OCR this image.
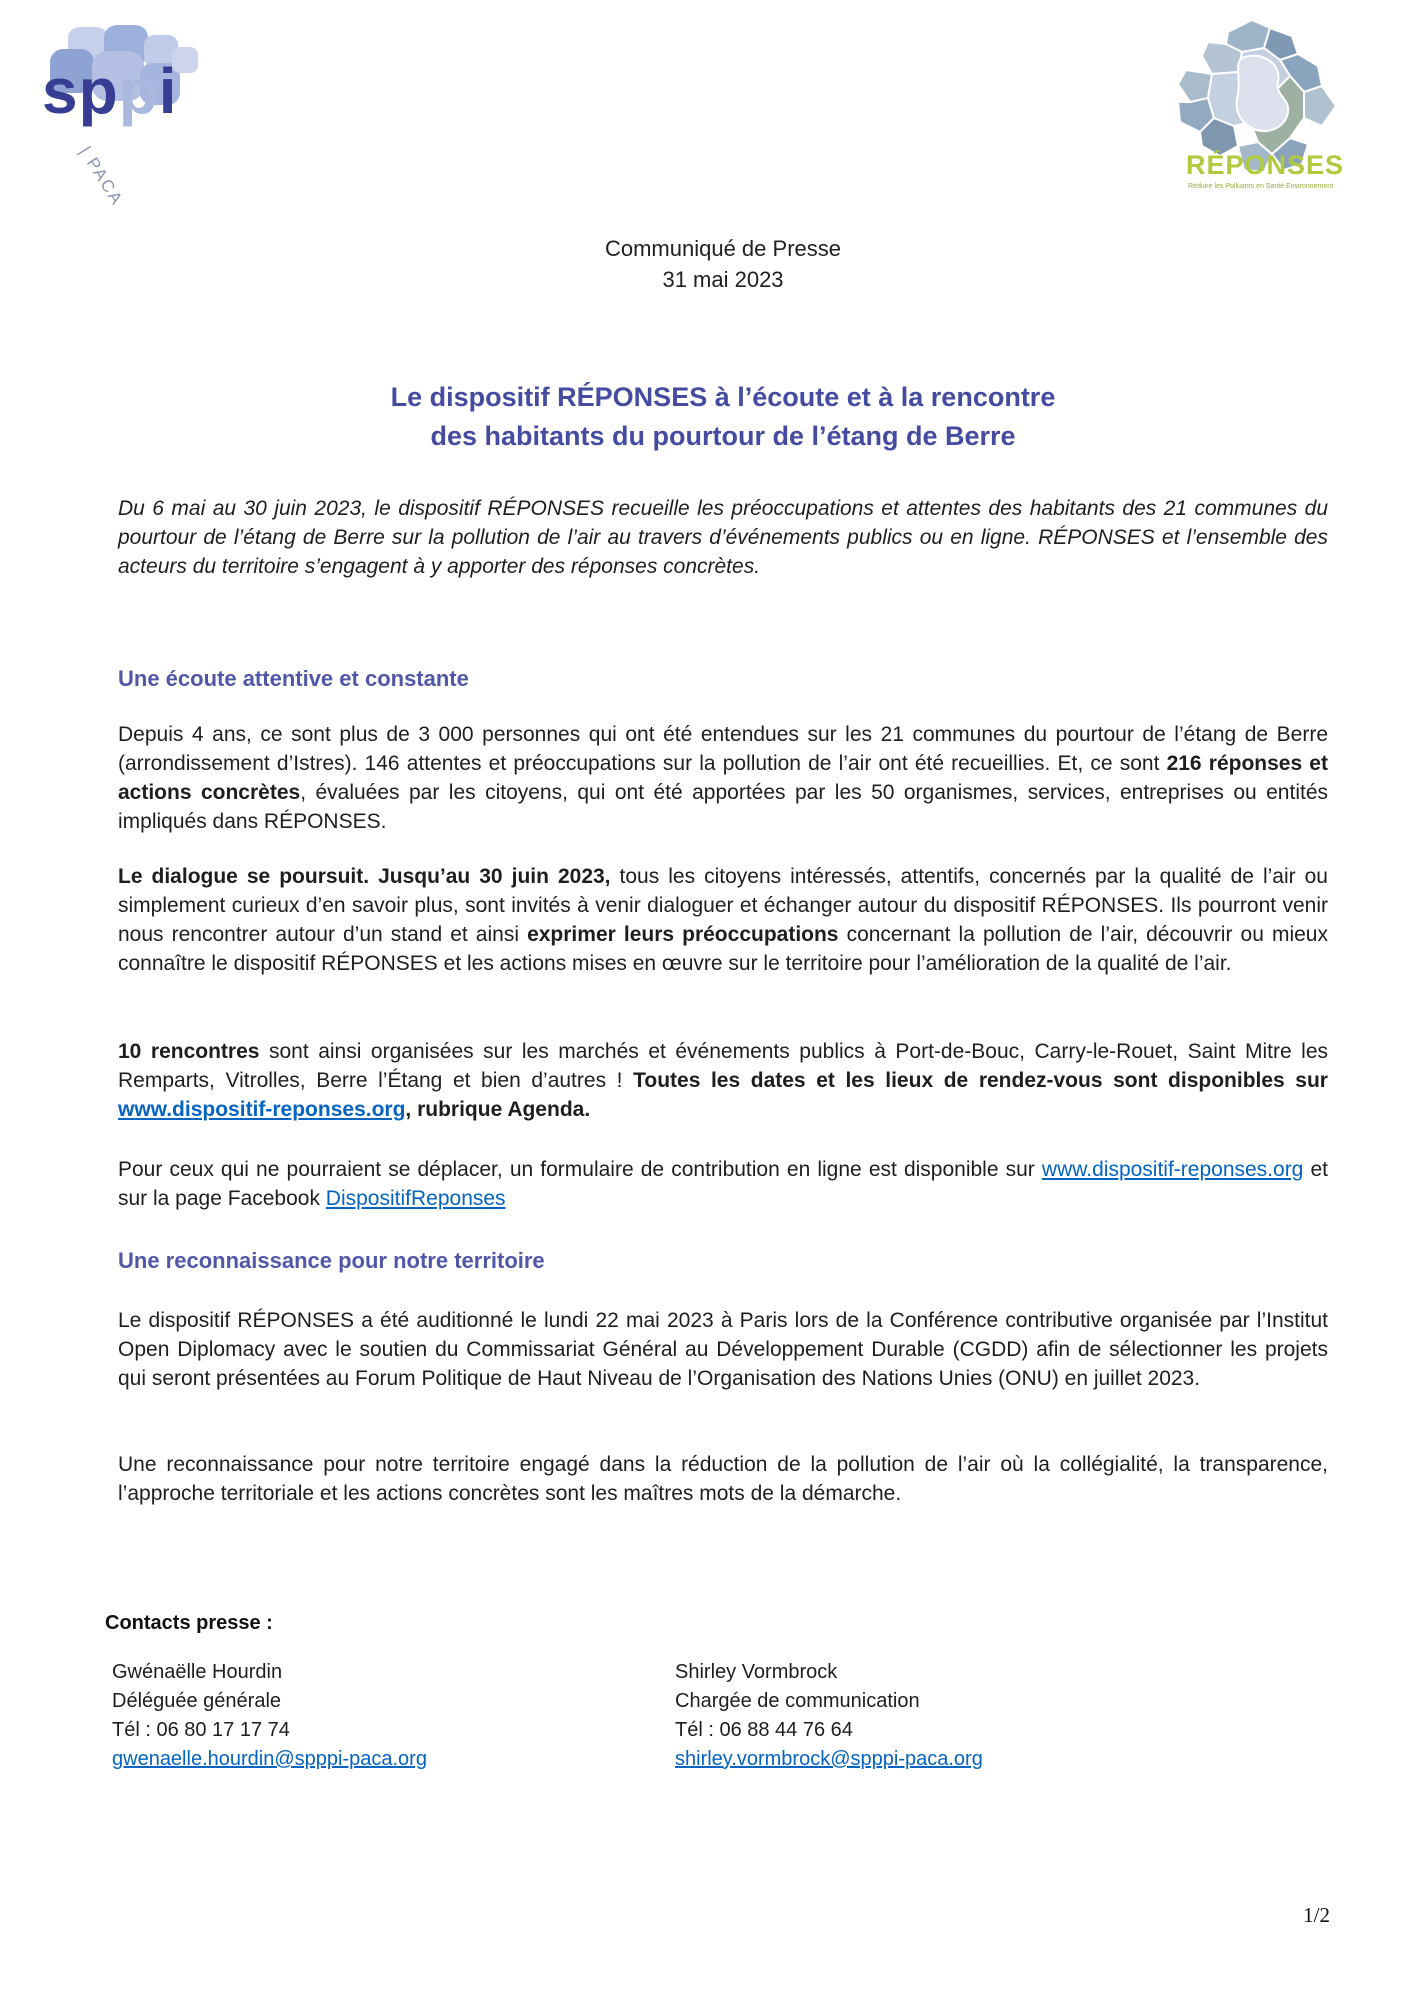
sppi
| PACA	RÉPONSES
Réduire les Polluants en Santé Environnement
Communiqué de Presse
31 mai 2023
Le dispositif RÉPONSES à l’écoute et à la rencontre
des habitants du pourtour de l’étang de Berre

Du 6 mai au 30 juin 2023, le dispositif RÉPONSES recueille les préoccupations et attentes des habitants des 21 communes du pourtour de l’étang de Berre sur la pollution de l’air au travers d’événements publics ou en ligne. RÉPONSES et l’ensemble des acteurs du territoire s’engagent à y apporter des réponses concrètes.

Une écoute attentive et constante

Depuis 4 ans, ce sont plus de 3 000 personnes qui ont été entendues sur les 21 communes du pourtour de l’étang de Berre (arrondissement d’Istres). 146 attentes et préoccupations sur la pollution de l’air ont été recueillies. Et, ce sont 216 réponses et actions concrètes, évaluées par les citoyens, qui ont été apportées par les 50 organismes, services, entreprises ou entités impliqués dans RÉPONSES.

Le dialogue se poursuit. Jusqu’au 30 juin 2023, tous les citoyens intéressés, attentifs, concernés par la qualité de l’air ou simplement curieux d’en savoir plus, sont invités à venir dialoguer et échanger autour du dispositif RÉPONSES. Ils pourront venir nous rencontrer autour d’un stand et ainsi exprimer leurs préoccupations concernant la pollution de l’air, découvrir ou mieux connaître le dispositif RÉPONSES et les actions mises en œuvre sur le territoire pour l’amélioration de la qualité de l’air.

10 rencontres sont ainsi organisées sur les marchés et événements publics à Port-de-Bouc, Carry-le-Rouet, Saint Mitre les Remparts, Vitrolles, Berre l’Étang et bien d’autres ! Toutes les dates et les lieux de rendez-vous sont disponibles sur www.dispositif-reponses.org, rubrique Agenda.

Pour ceux qui ne pourraient se déplacer, un formulaire de contribution en ligne est disponible sur www.dispositif-reponses.org et sur la page Facebook DispositifReponses

Une reconnaissance pour notre territoire

Le dispositif RÉPONSES a été auditionné le lundi 22 mai 2023 à Paris lors de la Conférence contributive organisée par l’Institut Open Diplomacy avec le soutien du Commissariat Général au Développement Durable (CGDD) afin de sélectionner les projets qui seront présentées au Forum Politique de Haut Niveau de l’Organisation des Nations Unies (ONU) en juillet 2023.

Une reconnaissance pour notre territoire engagé dans la réduction de la pollution de l’air où la collégialité, la transparence, l’approche territoriale et les actions concrètes sont les maîtres mots de la démarche.

Contacts presse :
Gwénaëlle Hourdin
Déléguée générale
Tél : 06 80 17 17 74
gwenaelle.hourdin@spppi-paca.org
Shirley Vormbrock
Chargée de communication
Tél : 06 88 44 76 64
shirley.vormbrock@spppi-paca.org
1/2
